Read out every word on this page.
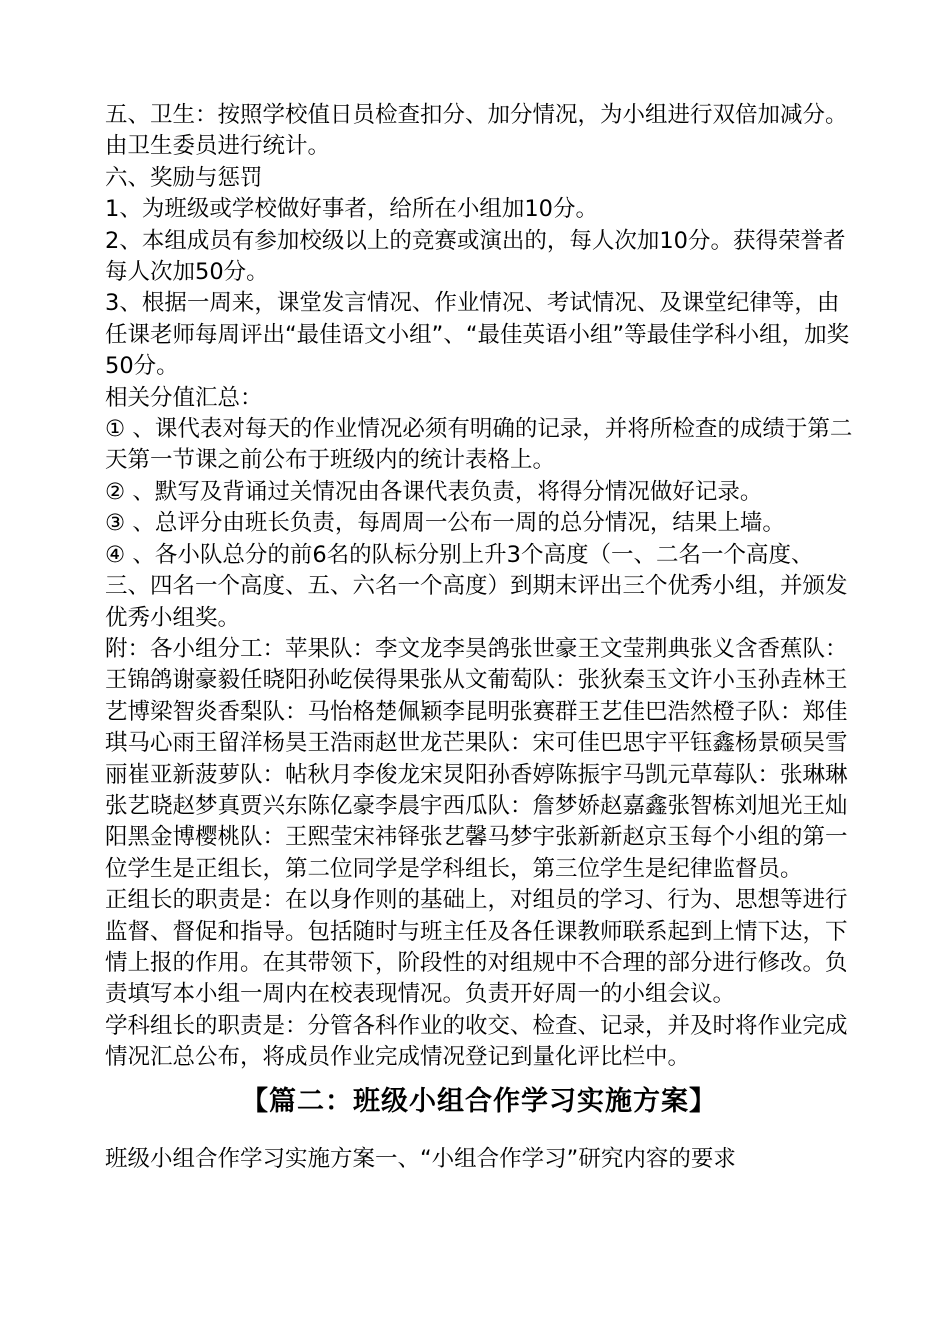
五、卫生：按照学校值日员检查扣分、加分情况，为小组进行双倍加减分。由卫生委员进行统计。

六、奖励与惩罚

1、为班级或学校做好事者，给所在小组加10分。

2、本组成员有参加校级以上的竞赛或演出的，每人次加10分。获得荣誉者每人次加50分。

3、根据一周来，课堂发言情况、作业情况、考试情况、及课堂纪律等，由任课老师每周评出“最佳语文小组”、“最佳英语小组”等最佳学科小组，加奖50分。

相关分值汇总：

① 、课代表对每天的作业情况必须有明确的记录，并将所检查的成绩于第二天第一节课之前公布于班级内的统计表格上。

② 、默写及背诵过关情况由各课代表负责，将得分情况做好记录。

③ 、总评分由班长负责，每周周一公布一周的总分情况，结果上墙。

④ 、各小队总分的前6名的队标分别上升3个高度（一、二名一个高度、三、四名一个高度、五、六名一个高度）到期末评出三个优秀小组，并颁发优秀小组奖。

附：各小组分工：苹果队：李文龙李昊鸽张世豪王文莹荆典张义含香蕉队：王锦鸽谢豪毅任晓阳孙屹侯得果张从文葡萄队：张狄秦玉文许小玉孙垚林王艺博梁智炎香梨队：马怡格楚佩颖李昆明张赛群王艺佳巴浩然橙子队：郑佳琪马心雨王留洋杨昊王浩雨赵世龙芒果队：宋可佳巴思宇平钰鑫杨景硕吴雪丽崔亚新菠萝队：帖秋月李俊龙宋炅阳孙香婷陈振宇马凯元草莓队：张琳琳张艺晓赵梦真贾兴东陈亿豪李晨宇西瓜队：詹梦娇赵嘉鑫张智栋刘旭光王灿阳黑金博樱桃队：王熙莹宋祎铎张艺馨马梦宇张新新赵京玉每个小组的第一位学生是正组长，第二位同学是学科组长，第三位学生是纪律监督员。

正组长的职责是：在以身作则的基础上，对组员的学习、行为、思想等进行监督、督促和指导。包括随时与班主任及各任课教师联系起到上情下达，下情上报的作用。在其带领下，阶段性的对组规中不合理的部分进行修改。负责填写本小组一周内在校表现情况。负责开好周一的小组会议。

学科组长的职责是：分管各科作业的收交、检查、记录，并及时将作业完成情况汇总公布，将成员作业完成情况登记到量化评比栏中。

【篇二：班级小组合作学习实施方案】

班级小组合作学习实施方案一、“小组合作学习”研究内容的要求
